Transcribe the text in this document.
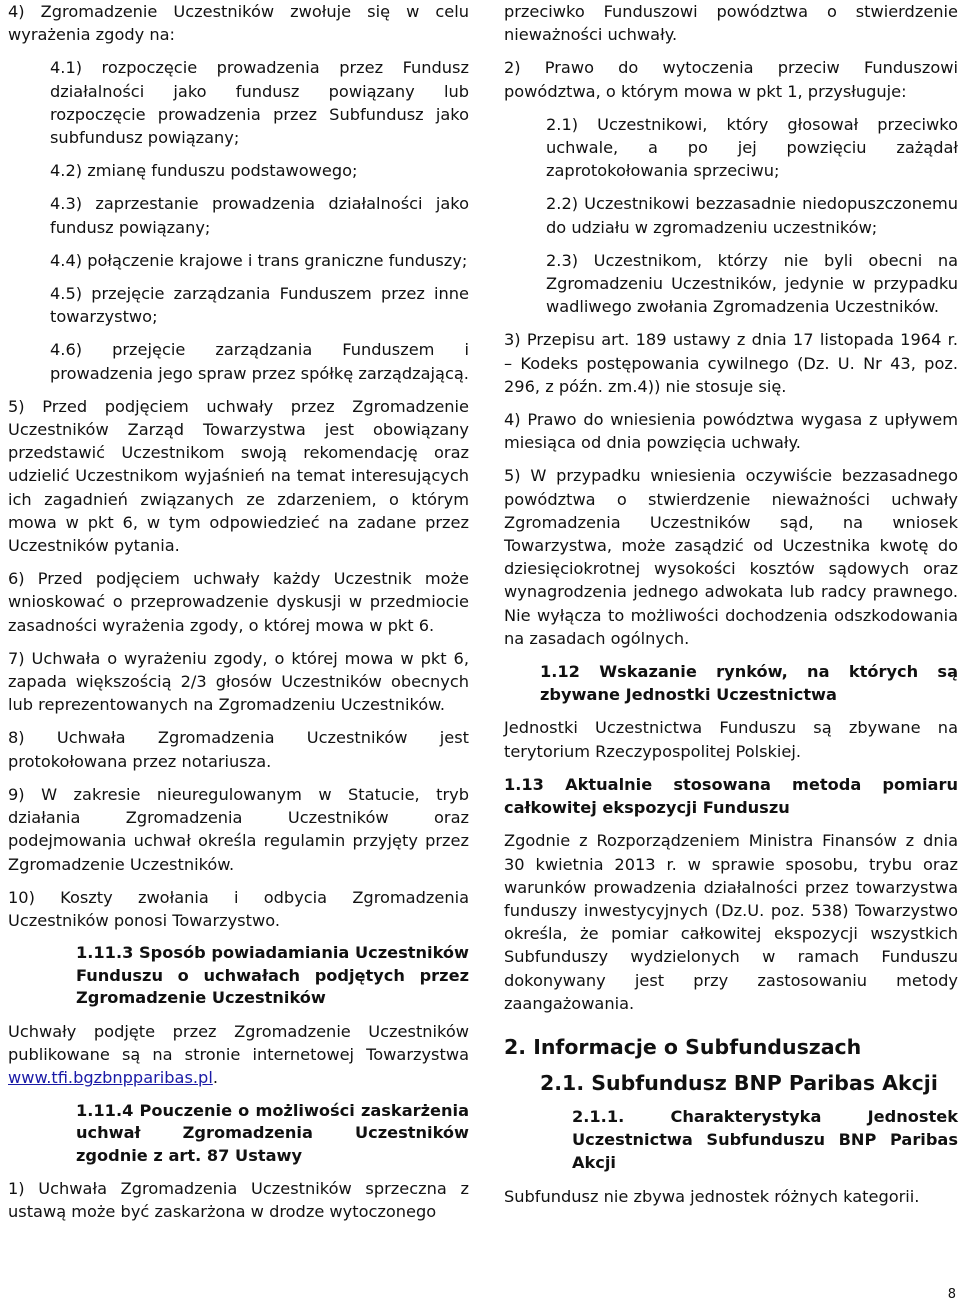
4) Zgromadzenie Uczestników zwołuje się w celu wyrażenia zgody na:

4.1) rozpoczęcie prowadzenia przez Fundusz działalności jako fundusz powiązany lub rozpoczęcie prowadzenia przez Subfundusz jako subfundusz powiązany;

4.2) zmianę funduszu podstawowego;

4.3) zaprzestanie prowadzenia działalności jako fundusz powiązany;

4.4) połączenie krajowe i trans graniczne funduszy;

4.5) przejęcie zarządzania Funduszem przez inne towarzystwo;

4.6) przejęcie zarządzania Funduszem i prowadzenia jego spraw przez spółkę zarządzającą.

5) Przed podjęciem uchwały przez Zgromadzenie Uczestników Zarząd Towarzystwa jest obowiązany przedstawić Uczestnikom swoją rekomendację oraz udzielić Uczestnikom wyjaśnień na temat interesujących ich zagadnień związanych ze zdarzeniem, o którym mowa w pkt 6, w tym odpowiedzieć na zadane przez Uczestników pytania.

6) Przed podjęciem uchwały każdy Uczestnik może wnioskować o przeprowadzenie dyskusji w przedmiocie zasadności wyrażenia zgody, o której mowa w pkt 6.

7) Uchwała o wyrażeniu zgody, o której mowa w pkt 6, zapada większością 2/3 głosów Uczestników obecnych lub reprezentowanych na Zgromadzeniu Uczestników.

8) Uchwała Zgromadzenia Uczestników jest protokołowana przez notariusza.

9) W zakresie nieuregulowanym w Statucie, tryb działania Zgromadzenia Uczestników oraz podejmowania uchwał określa regulamin przyjęty przez Zgromadzenie Uczestników.

10) Koszty zwołania i odbycia Zgromadzenia Uczestników ponosi Towarzystwo.

1.11.3 Sposób powiadamiania Uczestników Funduszu o uchwałach podjętych przez Zgromadzenie Uczestników

Uchwały podjęte przez Zgromadzenie Uczestników publikowane są na stronie internetowej Towarzystwa www.tfi.bgzbnpparibas.pl.

1.11.4 Pouczenie o możliwości zaskarżenia uchwał Zgromadzenia Uczestników zgodnie z art. 87 Ustawy

1) Uchwała Zgromadzenia Uczestników sprzeczna z ustawą może być zaskarżona w drodze wytoczonego

przeciwko Funduszowi powództwa o stwierdzenie nieważności uchwały.

2) Prawo do wytoczenia przeciw Funduszowi powództwa, o którym mowa w pkt 1, przysługuje:

2.1) Uczestnikowi, który głosował przeciwko uchwale, a po jej powzięciu zażądał zaprotokołowania sprzeciwu;

2.2) Uczestnikowi bezzasadnie niedopuszczonemu do udziału w zgromadzeniu uczestników;

2.3) Uczestnikom, którzy nie byli obecni na Zgromadzeniu Uczestników, jedynie w przypadku wadliwego zwołania Zgromadzenia Uczestników.

3) Przepisu art. 189 ustawy z dnia 17 listopada 1964 r. – Kodeks postępowania cywilnego (Dz. U. Nr 43, poz. 296, z późn. zm.4)) nie stosuje się.

4) Prawo do wniesienia powództwa wygasa z upływem miesiąca od dnia powzięcia uchwały.

5) W przypadku wniesienia oczywiście bezzasadnego powództwa o stwierdzenie nieważności uchwały Zgromadzenia Uczestników sąd, na wniosek Towarzystwa, może zasądzić od Uczestnika kwotę do dziesięciokrotnej wysokości kosztów sądowych oraz wynagrodzenia jednego adwokata lub radcy prawnego. Nie wyłącza to możliwości dochodzenia odszkodowania na zasadach ogólnych.

1.12 Wskazanie rynków, na których są zbywane Jednostki Uczestnictwa

Jednostki Uczestnictwa Funduszu są zbywane na terytorium Rzeczypospolitej Polskiej.

1.13 Aktualnie stosowana metoda pomiaru całkowitej ekspozycji Funduszu

Zgodnie z Rozporządzeniem Ministra Finansów z dnia 30 kwietnia 2013 r. w sprawie sposobu, trybu oraz warunków prowadzenia działalności przez towarzystwa funduszy inwestycyjnych (Dz.U. poz. 538) Towarzystwo określa, że pomiar całkowitej ekspozycji wszystkich Subfunduszy wydzielonych w ramach Funduszu dokonywany jest przy zastosowaniu metody zaangażowania.

2. Informacje o Subfunduszach

2.1. Subfundusz BNP Paribas Akcji

2.1.1. Charakterystyka Jednostek Uczestnictwa Subfunduszu BNP Paribas Akcji

Subfundusz nie zbywa jednostek różnych kategorii.

8
